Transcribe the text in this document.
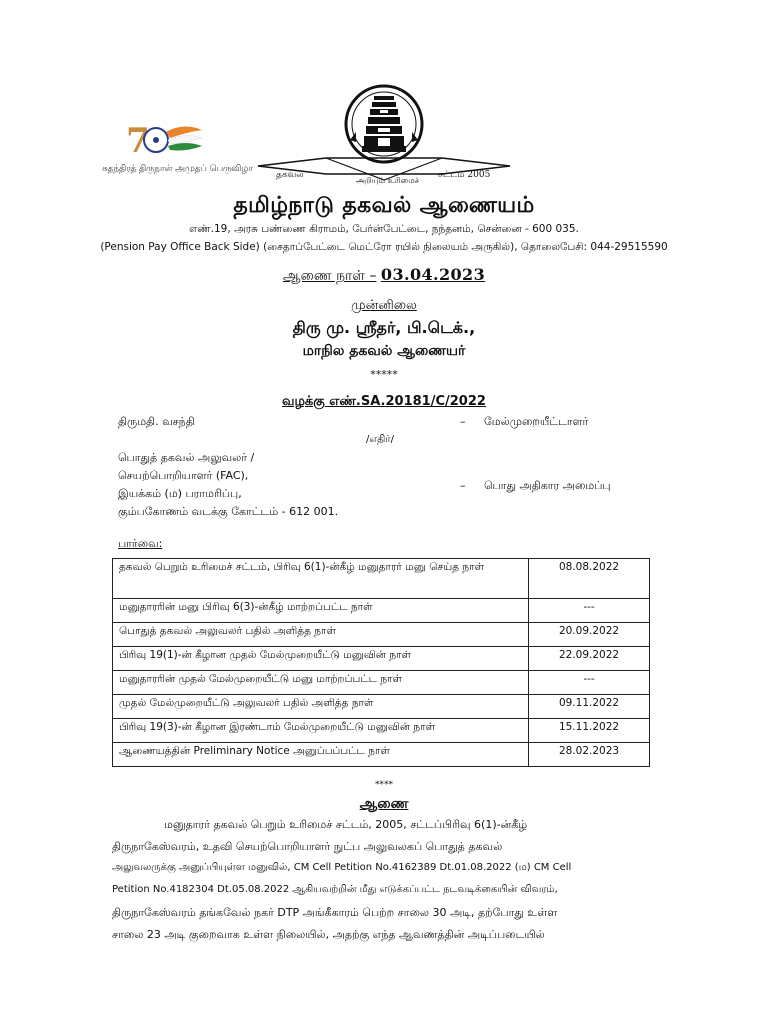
7
சுதந்திரத் திருநாள் அமுதப் பெருவிழா
தகவல்
அறியும் உரிமைச்
சட்டம் 2005
தமிழ்நாடு தகவல் ஆணையம்
எண்.19, அரசு பண்ணை கிராமம், பேர்ன்பேட்டை, நந்தனம், சென்னை - 600 035.
(Pension Pay Office Back Side) (சைதாப்பேட்டை மெட்ரோ ரயில் நிலையம் அருகில்), தொலைபேசி: 044-29515590
ஆணை நாள் – 03.04.2023
முன்னிலை
திரு மு. ஸ்ரீதர், பி.டெக்.,
மாநில தகவல் ஆணையர்
*****
வழக்கு எண்.SA.20181/C/2022
திருமதி. வசந்தி	– மேல்முறையீட்டாளர்
/எதிர்/
பொதுத் தகவல் அலுவலர் /
செயற்பொறியாளர் (FAC),
இயக்கம் (ம) பராமரிப்பு,
கும்பகோணம் வடக்கு கோட்டம் - 612 001.
– பொது அதிகார அமைப்பு
பார்வை:
தகவல் பெறும் உரிமைச் சட்டம், பிரிவு 6(1)-ன்கீழ் மனுதாரர் மனு செய்த நாள்	08.08.2022
மனுதாரரின் மனு பிரிவு 6(3)-ன்கீழ் மாற்றப்பட்ட நாள்	---
பொதுத் தகவல் அலுவலர் பதில் அளித்த நாள்	20.09.2022
பிரிவு 19(1)-ன் கீழான முதல் மேல்முறையீட்டு மனுவின் நாள்	22.09.2022
மனுதாரரின் முதல் மேல்முறையீட்டு மனு மாற்றப்பட்ட நாள்	---
முதல் மேல்முறையீட்டு அலுவலர் பதில் அளித்த நாள்	09.11.2022
பிரிவு 19(3)-ன் கீழான இரண்டாம் மேல்முறையீட்டு மனுவின் நாள்	15.11.2022
ஆணையத்தின் Preliminary Notice அனுப்பப்பட்ட நாள்	28.02.2023
****
ஆணை
மனுதாரர் தகவல் பெறும் உரிமைச் சட்டம், 2005, சட்டப்பிரிவு 6(1)-ன்கீழ்
திருநாகேஸ்வரம், உதவி செயற்பொறியாளர் நுட்ப அலுவலகப் பொதுத் தகவல்
அலுவலருக்கு அனுப்பியுள்ள மனுவில், CM Cell Petition No.4162389 Dt.01.08.2022 (ம) CM Cell
Petition No.4182304 Dt.05.08.2022 ஆகியவற்றின் மீது எடுக்கப்பட்ட நடவடிக்கையின் விவரம்,
திருநாகேஸ்வரம் தங்கவேல் நகர் DTP அங்கீகாரம் பெற்ற சாலை 30 அடி, தற்போது உள்ள
சாலை 23 அடி குறைவாக உள்ள நிலையில், அதற்கு எந்த ஆவணத்தின் அடிப்படையில்
